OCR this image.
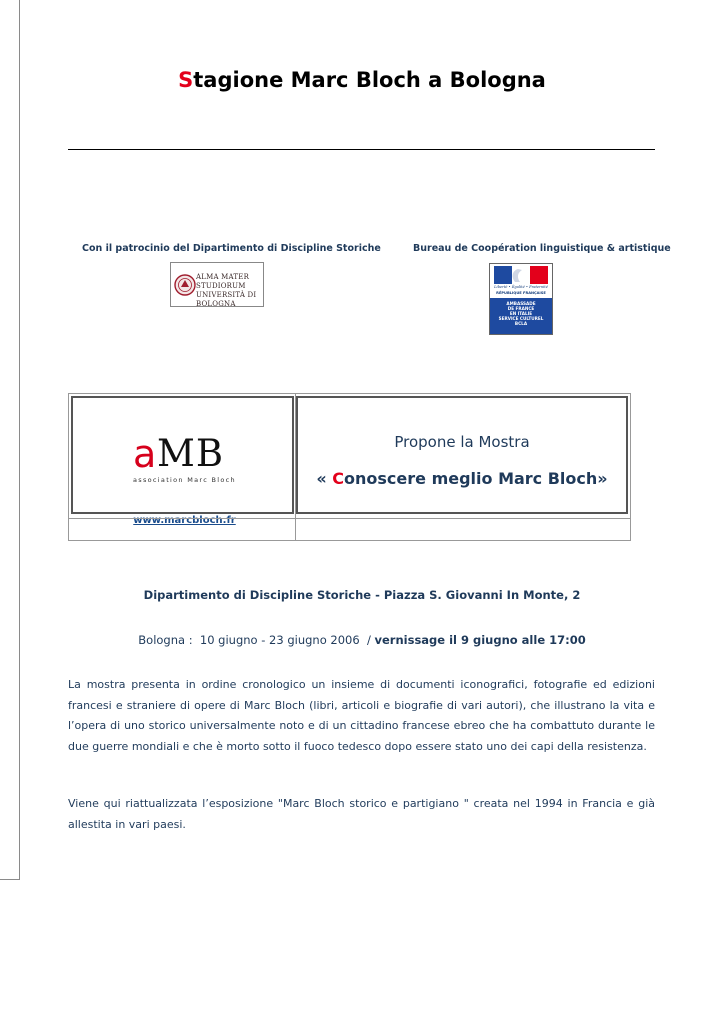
Stagione Marc Bloch a Bologna
Con il patrocinio del Dipartimento di Discipline Storiche	Bureau de Coopération linguistique & artistique
ALMA MATER STUDIORUM
UNIVERSITÀ DI BOLOGNA
Liberté • Égalité • Fraternité
RÉPUBLIQUE FRANÇAISE
AMBASSADE
DE FRANCE
EN ITALIE
SERVICE CULTUREL
BCLA
a MB
association Marc Bloch
www.marcbloch.fr
Propone la Mostra
« Conoscere meglio Marc Bloch»
Dipartimento di Discipline Storiche - Piazza S. Giovanni In Monte, 2
Bologna :  10 giugno - 23 giugno 2006  / vernissage il 9 giugno alle 17:00

La mostra presenta in ordine cronologico un insieme di documenti iconografici, fotografie ed edizioni francesi e straniere di opere di Marc Bloch (libri, articoli e biografie di vari autori), che illustrano la vita e l’opera di uno storico universalmente noto e di un cittadino francese ebreo che ha combattuto durante le due guerre mondiali e che è morto sotto il fuoco tedesco dopo essere stato uno dei capi della resistenza.

Viene qui riattualizzata l’esposizione "Marc Bloch storico e partigiano " creata nel 1994 in Francia e già allestita in vari paesi.
